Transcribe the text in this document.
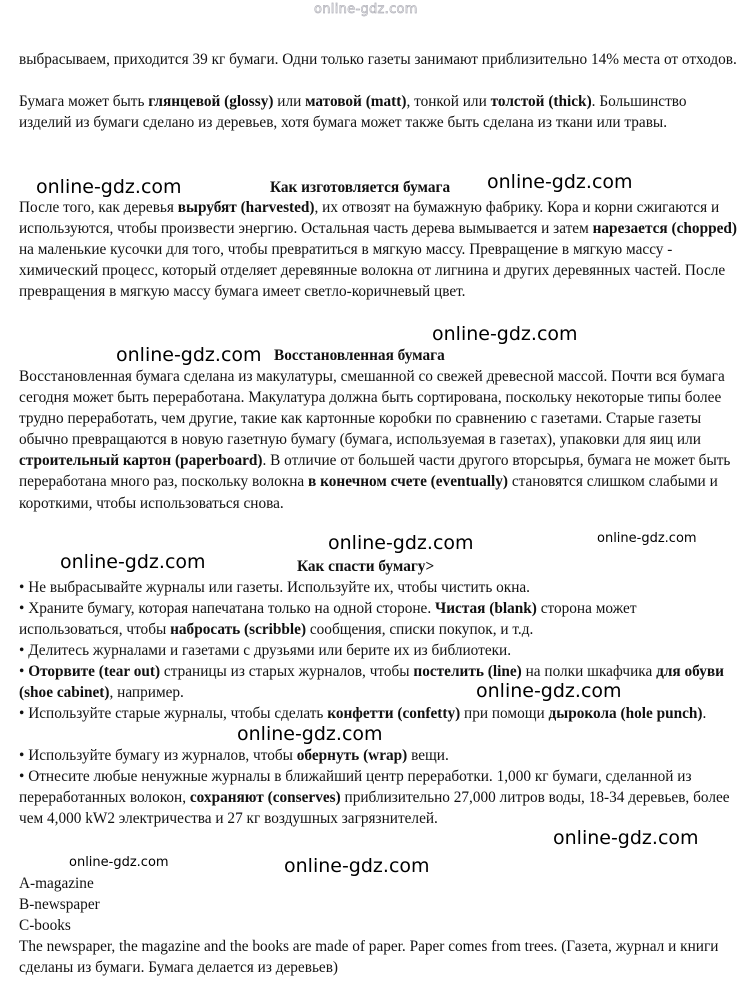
online-gdz.com

выбрасываем, приходится 39 кг бумаги. Одни только газеты занимают приблизительно 14% места от отходов.

Бумага может быть глянцевой (glossy) или матовой (matt), тонкой или толстой (thick). Большинство изделий из бумаги сделано из деревьев, хотя бумага может также быть сделана из ткани или травы.

Как изготовляется бумага

После того, как деревья вырубят (harvested), их отвозят на бумажную фабрику. Кора и корни сжигаются и используются, чтобы произвести энергию. Остальная часть дерева вымывается и затем нарезается (chopped) на маленькие кусочки для того, чтобы превратиться в мягкую массу. Превращение в мягкую массу - химический процесс, который отделяет деревянные волокна от лигнина и других деревянных частей. После превращения в мягкую массу бумага имеет светло-коричневый цвет.

Восстановленная бумага

Восстановленная бумага сделана из макулатуры, смешанной со свежей древесной массой. Почти вся бумага сегодня может быть переработана. Макулатура должна быть сортирована, поскольку некоторые типы более трудно переработать, чем другие, такие как картонные коробки по сравнению с газетами. Старые газеты обычно превращаются в новую газетную бумагу (бумага, используемая в газетах), упаковки для яиц или строительный картон (paperboard). В отличие от большей части другого вторсырья, бумага не может быть переработана много раз, поскольку волокна в конечном счете (eventually) становятся слишком слабыми и короткими, чтобы использоваться снова.

Как спасти бумагу>

• Не выбрасывайте журналы или газеты. Используйте их, чтобы чистить окна.

• Храните бумагу, которая напечатана только на одной стороне. Чистая (blank) сторона может использоваться, чтобы набросать (scribble) сообщения, списки покупок, и т.д.

• Делитесь журналами и газетами с друзьями или берите их из библиотеки.

• Оторвите (tear out) страницы из старых журналов, чтобы постелить (line) на полки шкафчика для обуви (shoe cabinet), например.

• Используйте старые журналы, чтобы сделать конфетти (confetty) при помощи дырокола (hole punch).

• Используйте бумагу из журналов, чтобы обернуть (wrap) вещи.

• Отнесите любые ненужные журналы в ближайший центр переработки. 1,000 кг бумаги, сделанной из переработанных волокон, сохраняют (conserves) приблизительно 27,000 литров воды, 18-34 деревьев, более чем 4,000 kW2 электричества и 27 кг воздушных загрязнителей.

A-magazine

B-newspaper

C-books

The newspaper, the magazine and the books are made of paper. Paper comes from trees. (Газета, журнал и книги сделаны из бумаги. Бумага делается из деревьев)

online-gdz.com	online-gdz.com
online-gdz.com
online-gdz.com
online-gdz.com	online-gdz.com
online-gdz.com
online-gdz.com
online-gdz.com
online-gdz.com
online-gdz.com	online-gdz.com
